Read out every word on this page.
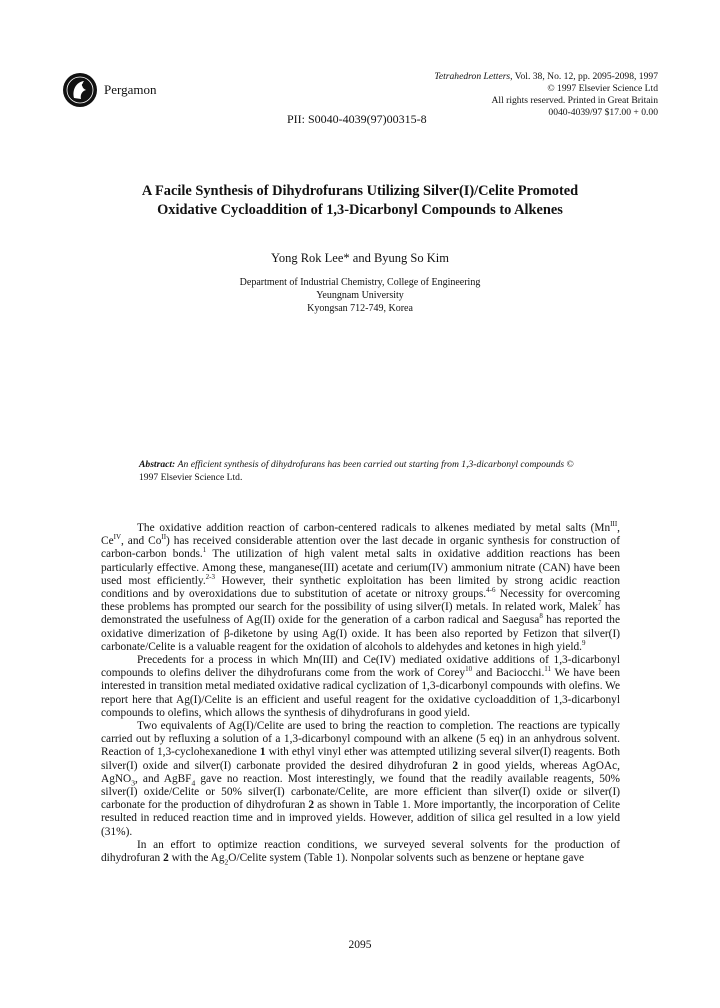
Pergamon
Tetrahedron Letters, Vol. 38, No. 12, pp. 2095-2098, 1997
© 1997 Elsevier Science Ltd
All rights reserved. Printed in Great Britain
0040-4039/97 $17.00 + 0.00
PII: S0040-4039(97)00315-8
A Facile Synthesis of Dihydrofurans Utilizing Silver(I)/Celite Promoted
Oxidative Cycloaddition of 1,3-Dicarbonyl Compounds to Alkenes
Yong Rok Lee* and Byung So Kim
Department of Industrial Chemistry, College of Engineering
Yeungnam University
Kyongsan 712-749, Korea
Abstract: An efficient synthesis of dihydrofurans has been carried out starting from 1,3-dicarbonyl compounds © 1997 Elsevier Science Ltd.

The oxidative addition reaction of carbon-centered radicals to alkenes mediated by metal salts ($Mn^{III}$, $Ce^{IV}$, and $Co^{II}$) has received considerable attention over the last decade in organic synthesis for construction of carbon-carbon bonds.$^1$ The utilization of high valent metal salts in oxidative addition reactions has been particularly effective. Among these, manganese(III) acetate and cerium(IV) ammonium nitrate (CAN) have been used most efficiently.$^{2-3}$ However, their synthetic exploitation has been limited by strong acidic reaction conditions and by overoxidations due to substitution of acetate or nitroxy groups.$^{4-6}$ Necessity for overcoming these problems has prompted our search for the possibility of using silver(I) metals. In related work, Malek$^7$ has demonstrated the usefulness of Ag(II) oxide for the generation of a carbon radical and Saegusa$^8$ has reported the oxidative dimerization of β-diketone by using Ag(I) oxide. It has been also reported by Fetizon that silver(I) carbonate/Celite is a valuable reagent for the oxidation of alcohols to aldehydes and ketones in high yield.$^9$

Precedents for a process in which Mn(III) and Ce(IV) mediated oxidative additions of 1,3-dicarbonyl compounds to olefins deliver the dihydrofurans come from the work of Corey$^{10}$ and Baciocchi.$^{11}$ We have been interested in transition metal mediated oxidative radical cyclization of 1,3-dicarbonyl compounds with olefins. We report here that Ag(I)/Celite is an efficient and useful reagent for the oxidative cycloaddition of 1,3-dicarbonyl compounds to olefins, which allows the synthesis of dihydrofurans in good yield.

Two equivalents of Ag(I)/Celite are used to bring the reaction to completion. The reactions are typically carried out by refluxing a solution of a 1,3-dicarbonyl compound with an alkene (5 eq) in an anhydrous solvent. Reaction of 1,3-cyclohexanedione 1 with ethyl vinyl ether was attempted utilizing several silver(I) reagents. Both silver(I) oxide and silver(I) carbonate provided the desired dihydrofuran 2 in good yields, whereas AgOAc, AgNO$_3$, and AgBF$_4$ gave no reaction. Most interestingly, we found that the readily available reagents, 50% silver(I) oxide/Celite or 50% silver(I) carbonate/Celite, are more efficient than silver(I) oxide or silver(I) carbonate for the production of dihydrofuran 2 as shown in Table 1. More importantly, the incorporation of Celite resulted in reduced reaction time and in improved yields. However, addition of silica gel resulted in a low yield (31%).

In an effort to optimize reaction conditions, we surveyed several solvents for the production of dihydrofuran 2 with the $Ag_2O$/Celite system (Table 1). Nonpolar solvents such as benzene or heptane gave

2095
